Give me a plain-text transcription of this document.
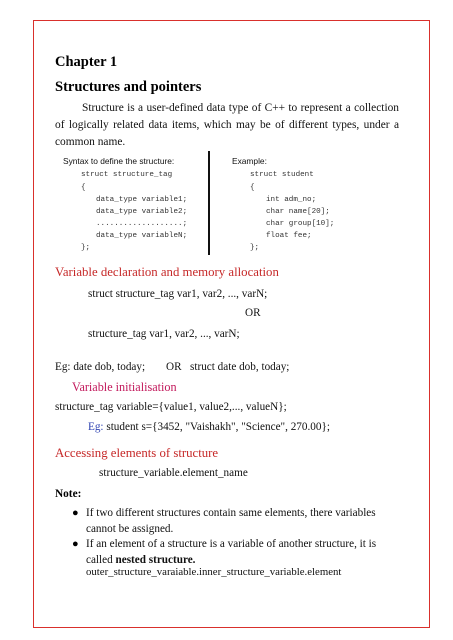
Chapter 1
Structures and pointers
Structure is a user-defined data type of C++ to represent a collection of logically related data items, which may be of different types, under a common name.
Syntax to define the structure:	Example:
struct structure_tag
{
data_type variable1;
data_type variable2;
...................;
data_type variableN;
};
struct student
{
int adm_no;
char name[20];
char group[10];
float fee;
};
Variable declaration and memory allocation
struct structure_tag var1, var2, ..., varN;
OR
structure_tag var1, var2, ..., varN;
Eg: date dob, today; OR struct date dob, today;
Variable initialisation
structure_tag variable={value1, value2,..., valueN};
Eg: student s={3452, "Vaishakh", "Science", 270.00};
Accessing elements of structure
structure_variable.element_name
Note:
● If two different structures contain same elements, there variables cannot be assigned.
● If an element of a structure is a variable of another structure, it is called nested structure.
outer_structure_varaiable.inner_structure_variable.element
